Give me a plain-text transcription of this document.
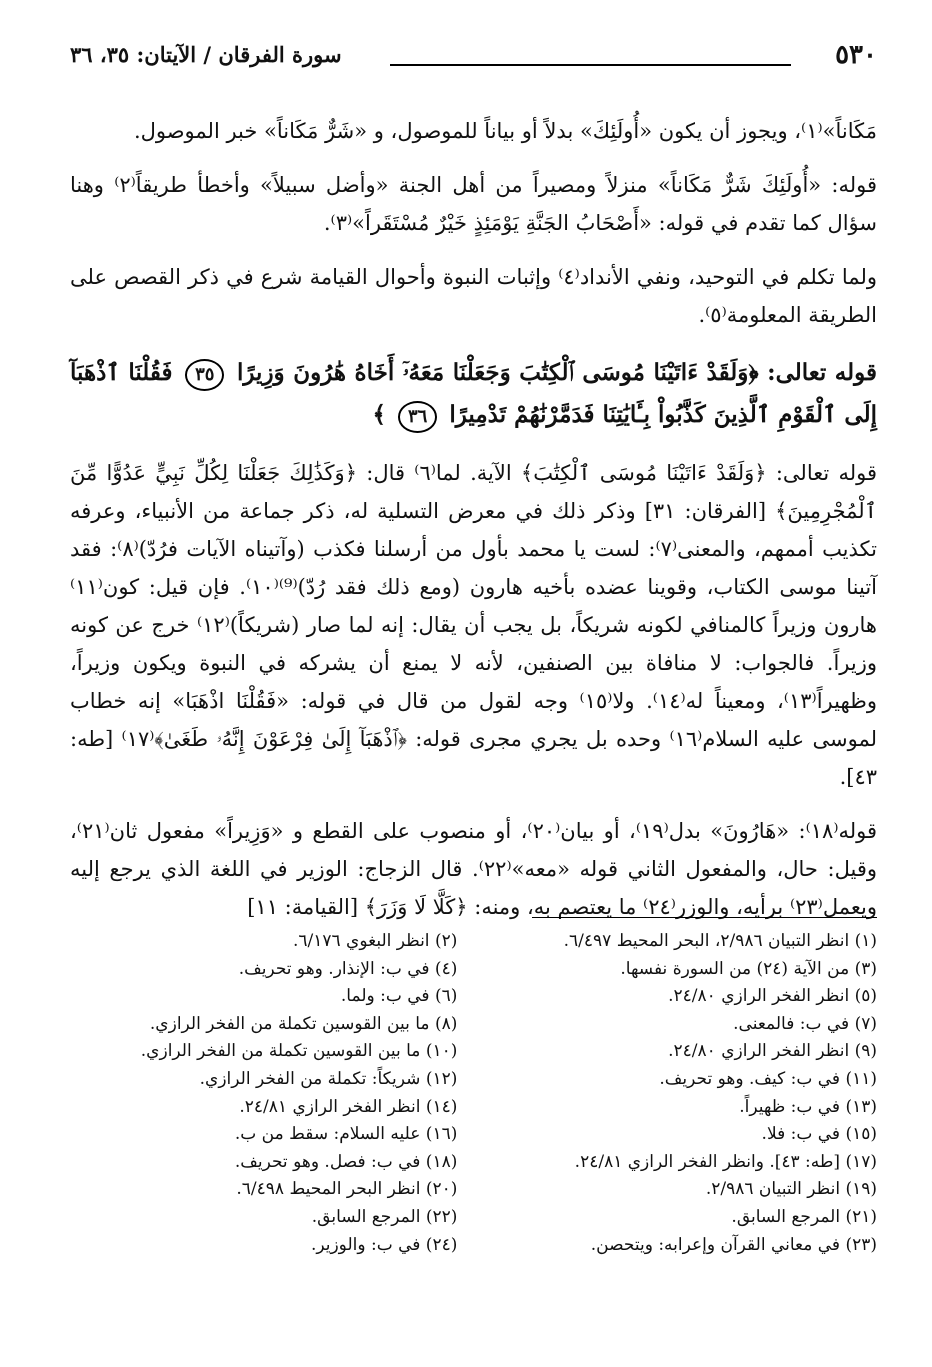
٥٣٠
سورة الفرقان / الآيتان: ٣٥، ٣٦

مَكَاناً»⁽١⁾، ويجوز أن يكون «أُولَئِكَ» بدلاً أو بياناً للموصول، و «شَرٌّ مَكَاناً» خبر الموصول.

قوله: «أُولَئِكَ شَرٌّ مَكَاناً» منزلاً ومصيراً من أهل الجنة «وأضل سبيلاً» وأخطأ طريقاً⁽٢⁾ وهنا سؤال كما تقدم في قوله: «أَصْحَابُ الجَنَّةِ يَوْمَئِذٍ خَيْرٌ مُسْتَقَراً»⁽٣⁾.

ولما تكلم في التوحيد، ونفي الأنداد⁽٤⁾ وإثبات النبوة وأحوال القيامة شرع في ذكر القصص على الطريقة المعلومة⁽٥⁾.

قوله تعالى: ﴿وَلَقَدْ ءَاتَيْنَا مُوسَى ٱلْكِتَٰبَ وَجَعَلْنَا مَعَهُۥٓ أَخَاهُ هَٰرُونَ وَزِيرًا ٣٥ فَقُلْنَا ٱذْهَبَآ إِلَى ٱلْقَوْمِ ٱلَّذِينَ كَذَّبُواْ بِـَٔايَٰتِنَا فَدَمَّرْنَٰهُمْ تَدْمِيرًا ٣٦ ﴾

قوله تعالى: ﴿وَلَقَدْ ءَاتَيْنَا مُوسَى ٱلْكِتَٰبَ﴾ الآية. لما⁽٦⁾ قال: ﴿وَكَذَٰلِكَ جَعَلْنَا لِكُلِّ نَبِيٍّ عَدُوًّا مِّنَ ٱلْمُجْرِمِينَ﴾ [الفرقان: ٣١] وذكر ذلك في معرض التسلية له، ذكر جماعة من الأنبياء، وعرفه تكذيب أممهم، والمعنى⁽٧⁾: لست يا محمد بأول من أرسلنا فكذب (وآتيناه الآيات فرُدّ)⁽٨⁾: فقد آتينا موسى الكتاب، وقوينا عضده بأخيه هارون (ومع ذلك فقد رُدّ)⁽⁹⁾⁽١٠⁾. فإن قيل: كون⁽١١⁾ هارون وزيراً كالمنافي لكونه شريكاً، بل يجب أن يقال: إنه لما صار (شريكاً)⁽١٢⁾ خرج عن كونه وزيراً. فالجواب: لا منافاة بين الصنفين، لأنه لا يمنع أن يشركه في النبوة ويكون وزيراً، وظهيراً⁽١٣⁾، ومعيناً له⁽١٤⁾. ولا⁽١٥⁾ وجه لقول من قال في قوله: «فَقُلْنَا اذْهَبَا» إنه خطاب لموسى عليه السلام⁽١٦⁾ وحده بل يجري مجرى قوله: ﴿ٱذْهَبَآ إِلَىٰ فِرْعَوْنَ إِنَّهُۥ طَغَىٰ﴾⁽١٧⁾ [طه: ٤٣].

قوله⁽١٨⁾: «هَارُونَ» بدل⁽١٩⁾، أو بيان⁽٢٠⁾، أو منصوب على القطع و «وَزِيراً» مفعول ثان⁽٢١⁾، وقيل: حال، والمفعول الثاني قوله «معه»⁽٢٢⁾. قال الزجاج: الوزير في اللغة الذي يرجع إليه ويعمل⁽٢٣⁾ برأيه، والوزر⁽٢٤⁾ ما يعتصم به، ومنه: ﴿كَلَّا لَا وَزَرَ﴾ [القيامة: ١١]

(١) انظر التبيان ٢/٩٨٦، البحر المحيط ٦/٤٩٧.
(٣) من الآية (٢٤) من السورة نفسها.
(٥) انظر الفخر الرازي ٢٤/٨٠.
(٧) في ب: فالمعنى.
(٩) انظر الفخر الرازي ٢٤/٨٠.
(١١) في ب: كيف. وهو تحريف.
(١٣) في ب: ظهيراً.
(١٥) في ب: فلا.
(١٧) [طه: ٤٣]. وانظر الفخر الرازي ٢٤/٨١.
(١٩) انظر التبيان ٢/٩٨٦.
(٢١) المرجع السابق.
(٢٣) في معاني القرآن وإعرابه: ويتحصن.
(٢) انظر البغوي ٦/١٧٦.
(٤) في ب: الإنذار. وهو تحريف.
(٦) في ب: ولما.
(٨) ما بين القوسين تكملة من الفخر الرازي.
(١٠) ما بين القوسين تكملة من الفخر الرازي.
(١٢) شريكاً: تكملة من الفخر الرازي.
(١٤) انظر الفخر الرازي ٢٤/٨١.
(١٦) عليه السلام: سقط من ب.
(١٨) في ب: فصل. وهو تحريف.
(٢٠) انظر البحر المحيط ٦/٤٩٨.
(٢٢) المرجع السابق.
(٢٤) في ب: والوزير.
